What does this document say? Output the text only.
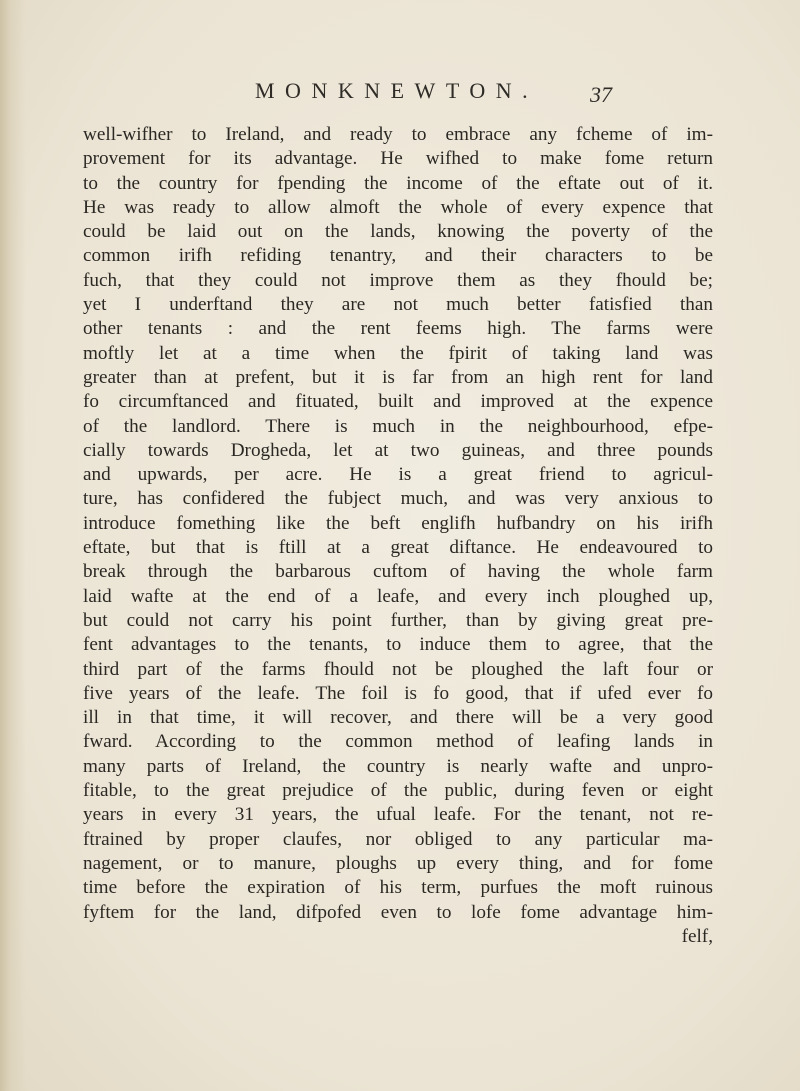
MONKNEWTON. 37
well-wifher to Ireland, and ready to embrace any fcheme of im-
provement for its advantage. He wifhed to make fome return
to the country for fpending the income of the eftate out of it.
He was ready to allow almoft the whole of every expence that
could be laid out on the lands, knowing the poverty of the
common irifh refiding tenantry, and their characters to be
fuch, that they could not improve them as they fhould be;
yet I underftand they are not much better fatisfied than
other tenants : and the rent feems high. The farms were
moftly let at a time when the fpirit of taking land was
greater than at prefent, but it is far from an high rent for land
fo circumftanced and fituated, built and improved at the expence
of the landlord. There is much in the neighbourhood, efpe-
cially towards Drogheda, let at two guineas, and three pounds
and upwards, per acre. He is a great friend to agricul-
ture, has confidered the fubject much, and was very anxious to
introduce fomething like the beft englifh hufbandry on his irifh
eftate, but that is ftill at a great diftance. He endeavoured to
break through the barbarous cuftom of having the whole farm
laid wafte at the end of a leafe, and every inch ploughed up,
but could not carry his point further, than by giving great pre-
fent advantages to the tenants, to induce them to agree, that the
third part of the farms fhould not be ploughed the laft four or
five years of the leafe. The foil is fo good, that if ufed ever fo
ill in that time, it will recover, and there will be a very good
fward. According to the common method of leafing lands in
many parts of Ireland, the country is nearly wafte and unpro-
fitable, to the great prejudice of the public, during feven or eight
years in every 31 years, the ufual leafe. For the tenant, not re-
ftrained by proper claufes, nor obliged to any particular ma-
nagement, or to manure, ploughs up every thing, and for fome
time before the expiration of his term, purfues the moft ruinous
fyftem for the land, difpofed even to lofe fome advantage him-
felf,
